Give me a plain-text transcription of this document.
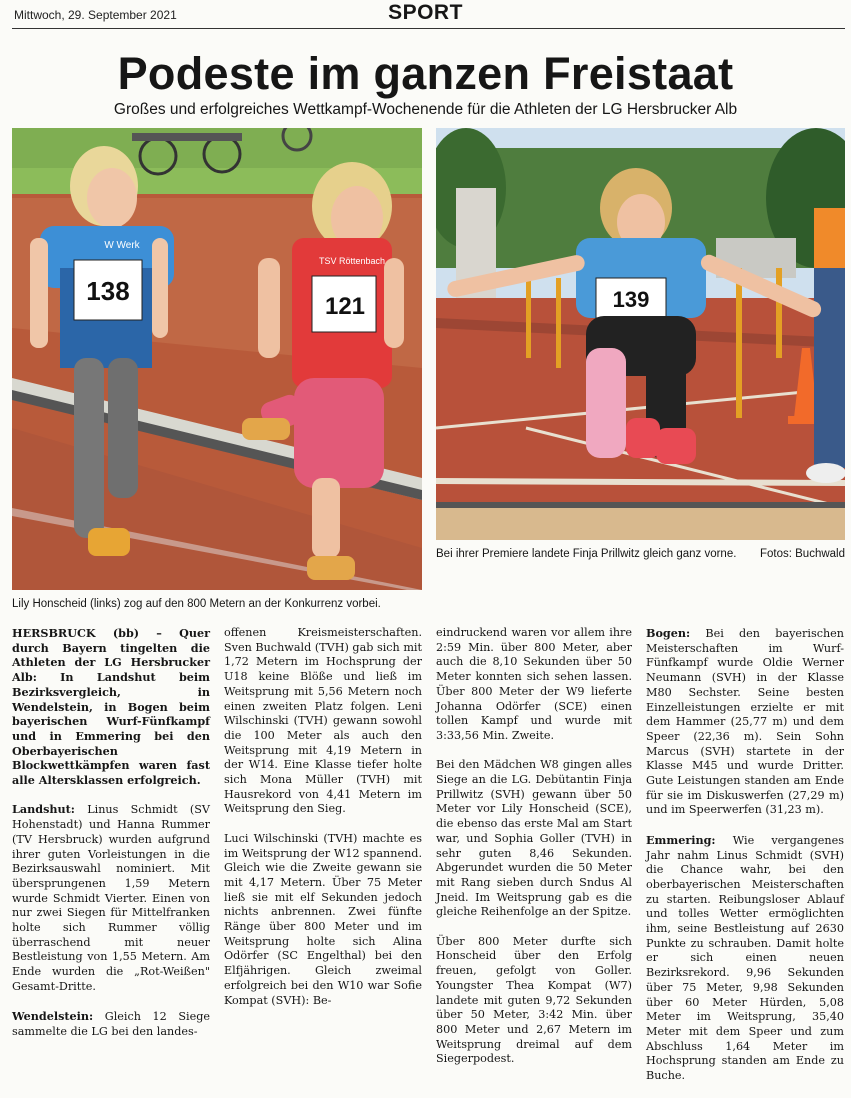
Mittwoch, 29. September 2021	SPORT
Podeste im ganzen Freistaat
Großes und erfolgreiches Wettkampf-Wochenende für die Athleten der LG Hersbrucker Alb
138
W Werk
121
TSV Röttenbach
139
Bei ihrer Premiere landete Finja Prillwitz gleich ganz vorne. Fotos: Buchwald
Lily Honscheid (links) zog auf den 800 Metern an der Konkurrenz vorbei.

HERSBRUCK (bb) – Quer durch Bayern tingelten die Athleten der LG Hersbrucker Alb: In Landshut beim Bezirksvergleich, in Wendelstein, in Bogen beim bayerischen Wurf-Fünfkampf und in Emmering bei den Oberbayerischen Blockwettkämpfen waren fast alle Altersklassen erfolgreich.

Landshut: Linus Schmidt (SV Hohenstadt) und Hanna Rummer (TV Hersbruck) wurden aufgrund ihrer guten Vorleistungen in die Bezirksauswahl nominiert. Mit übersprungenen 1,59 Metern wurde Schmidt Vierter. Einen von nur zwei Siegen für Mittelfranken holte sich Rummer völlig überraschend mit neuer Bestleistung von 1,55 Metern. Am Ende wurden die „Rot-Weißen" Gesamt-Dritte.

Wendelstein: Gleich 12 Siege sammelte die LG bei den landes-

offenen Kreismeisterschaften. Sven Buchwald (TVH) gab sich mit 1,72 Metern im Hochsprung der U18 keine Blöße und ließ im Weitsprung mit 5,56 Metern noch einen zweiten Platz folgen. Leni Wilschinski (TVH) gewann sowohl die 100 Meter als auch den Weitsprung mit 4,19 Metern in der W14. Eine Klasse tiefer holte sich Mona Müller (TVH) mit Hausrekord von 4,41 Metern im Weitsprung den Sieg.

Luci Wilschinski (TVH) machte es im Weitsprung der W12 spannend. Gleich wie die Zweite gewann sie mit 4,17 Metern. Über 75 Meter ließ sie mit elf Sekunden jedoch nichts anbrennen. Zwei fünfte Ränge über 800 Meter und im Weitsprung holte sich Alina Odörfer (SC Engelthal) bei den Elfjährigen. Gleich zweimal erfolgreich bei den W10 war Sofie Kompat (SVH): Be-

eindruckend waren vor allem ihre 2:59 Min. über 800 Meter, aber auch die 8,10 Sekunden über 50 Meter konnten sich sehen lassen. Über 800 Meter der W9 lieferte Johanna Odörfer (SCE) einen tollen Kampf und wurde mit 3:33,56 Min. Zweite.

Bei den Mädchen W8 gingen alles Siege an die LG. Debütantin Finja Prillwitz (SVH) gewann über 50 Meter vor Lily Honscheid (SCE), die ebenso das erste Mal am Start war, und Sophia Goller (TVH) in sehr guten 8,46 Sekunden. Abgerundet wurden die 50 Meter mit Rang sieben durch Sndus Al Jneid. Im Weitsprung gab es die gleiche Reihenfolge an der Spitze.

Über 800 Meter durfte sich Honscheid über den Erfolg freuen, gefolgt von Goller. Youngster Thea Kompat (W7) landete mit guten 9,72 Sekunden über 50 Meter, 3:42 Min. über 800 Meter und 2,67 Metern im Weitsprung dreimal auf dem Siegerpodest.

Bogen: Bei den bayerischen Meisterschaften im Wurf-Fünfkampf wurde Oldie Werner Neumann (SVH) in der Klasse M80 Sechster. Seine besten Einzelleistungen erzielte er mit dem Hammer (25,77 m) und dem Speer (22,36 m). Sein Sohn Marcus (SVH) startete in der Klasse M45 und wurde Dritter. Gute Leistungen standen am Ende für sie im Diskuswerfen (27,29 m) und im Speerwerfen (31,23 m).

Emmering: Wie vergangenes Jahr nahm Linus Schmidt (SVH) die Chance wahr, bei den oberbayerischen Meisterschaften zu starten. Reibungsloser Ablauf und tolles Wetter ermöglichten ihm, seine Bestleistung auf 2630 Punkte zu schrauben. Damit holte er sich einen neuen Bezirksrekord. 9,96 Sekunden über 75 Meter, 9,98 Sekunden über 60 Meter Hürden, 5,08 Meter im Weitsprung, 35,40 Meter mit dem Speer und zum Abschluss 1,64 Meter im Hochsprung standen am Ende zu Buche.
